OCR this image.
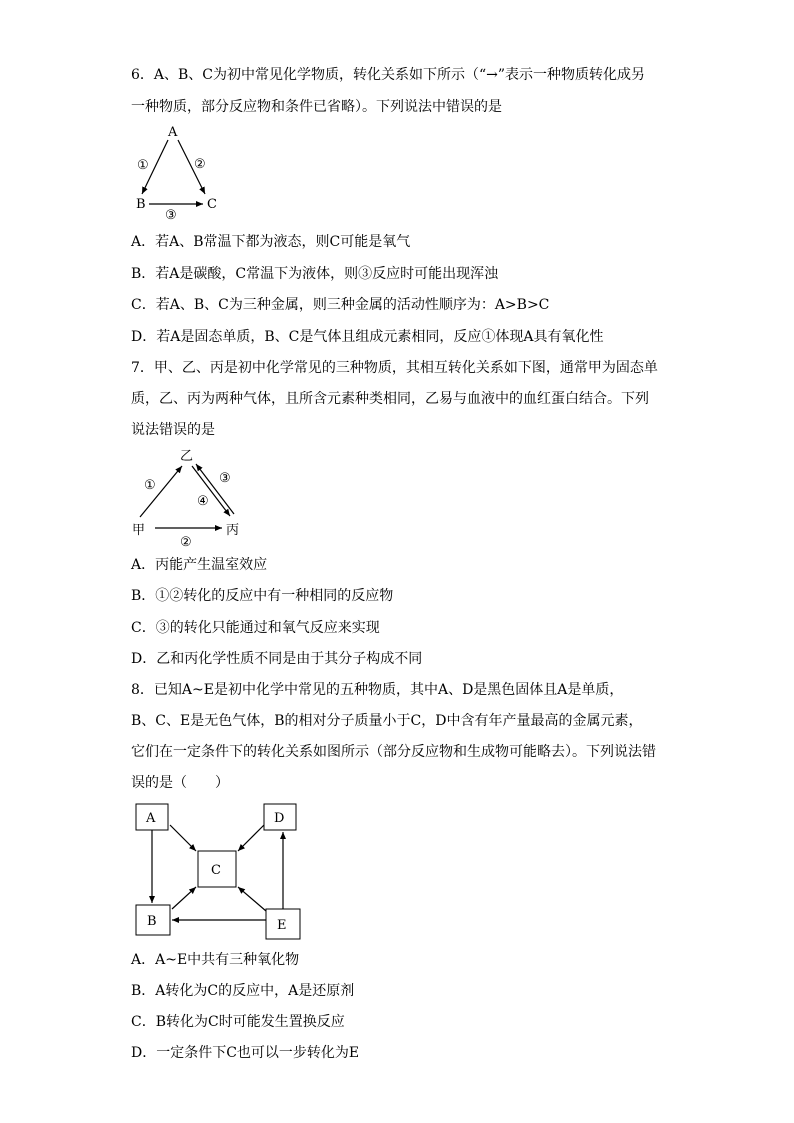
6．A、B、C为初中常见化学物质，转化关系如下所示（“→”表示一种物质转化成另
一种物质，部分反应物和条件已省略）。下列说法中错误的是
A
B	C
①	②
③
A．若A、B常温下都为液态，则C可能是氧气
B．若A是碳酸，C常温下为液体，则③反应时可能出现浑浊
C．若A、B、C为三种金属，则三种金属的活动性顺序为：A>B>C
D．若A是固态单质，B、C是气体且组成元素相同，反应①体现A具有氧化性
7．甲、乙、丙是初中化学常见的三种物质，其相互转化关系如下图，通常甲为固态单
质，乙、丙为两种气体，且所含元素种类相同，乙易与血液中的血红蛋白结合。下列
说法错误的是
乙
甲	丙
①
②
③
④
A．丙能产生温室效应
B．①②转化的反应中有一种相同的反应物
C．③的转化只能通过和氧气反应来实现
D．乙和丙化学性质不同是由于其分子构成不同
8．已知A~E是初中化学中常见的五种物质，其中A、D是黑色固体且A是单质，
B、C、E是无色气体，B的相对分子质量小于C，D中含有年产量最高的金属元素，
它们在一定条件下的转化关系如图所示（部分反应物和生成物可能略去）。下列说法错
误的是（　　）
A	D
C
B	E
A．A~E中共有三种氧化物
B．A转化为C的反应中，A是还原剂
C．B转化为C时可能发生置换反应
D．一定条件下C也可以一步转化为E
